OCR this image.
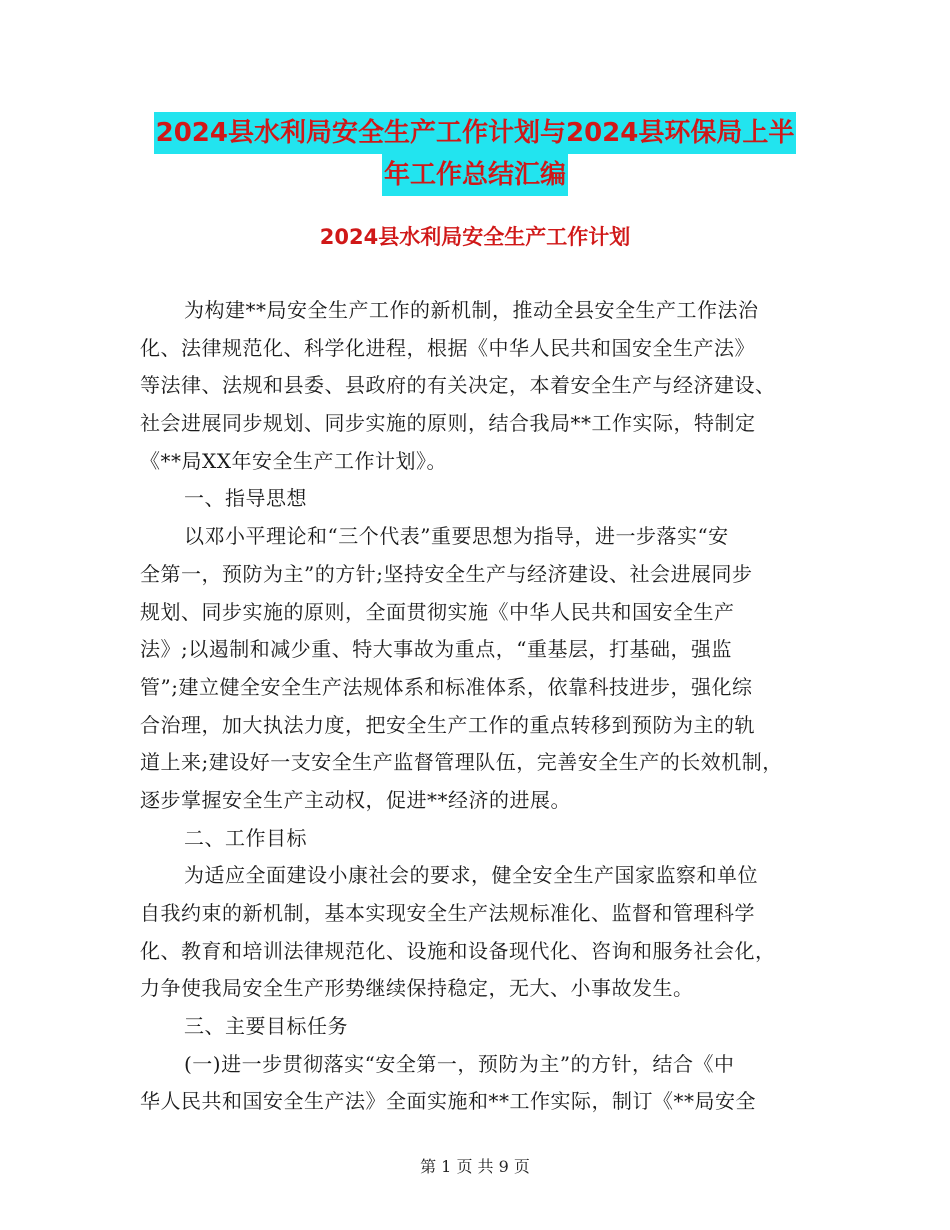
2024县水利局安全生产工作计划与2024县环保局上半
年工作总结汇编
2024县水利局安全生产工作计划
为构建**局安全生产工作的新机制，推动全县安全生产工作法治
化、法律规范化、科学化进程，根据《中华人民共和国安全生产法》
等法律、法规和县委、县政府的有关决定，本着安全生产与经济建设、
社会进展同步规划、同步实施的原则，结合我局**工作实际，特制定
《**局XX年安全生产工作计划》。
一、指导思想
以邓小平理论和“三个代表”重要思想为指导，进一步落实“安
全第一，预防为主”的方针;坚持安全生产与经济建设、社会进展同步
规划、同步实施的原则，全面贯彻实施《中华人民共和国安全生产
法》;以遏制和减少重、特大事故为重点，“重基层，打基础，强监
管”;建立健全安全生产法规体系和标准体系，依靠科技进步，强化综
合治理，加大执法力度，把安全生产工作的重点转移到预防为主的轨
道上来;建设好一支安全生产监督管理队伍，完善安全生产的长效机制，
逐步掌握安全生产主动权，促进**经济的进展。
二、工作目标
为适应全面建设小康社会的要求，健全安全生产国家监察和单位
自我约束的新机制，基本实现安全生产法规标准化、监督和管理科学
化、教育和培训法律规范化、设施和设备现代化、咨询和服务社会化，
力争使我局安全生产形势继续保持稳定，无大、小事故发生。
三、主要目标任务
(一)进一步贯彻落实“安全第一，预防为主”的方针，结合《中
华人民共和国安全生产法》全面实施和**工作实际，制订《**局安全
第 1 页 共 9 页
